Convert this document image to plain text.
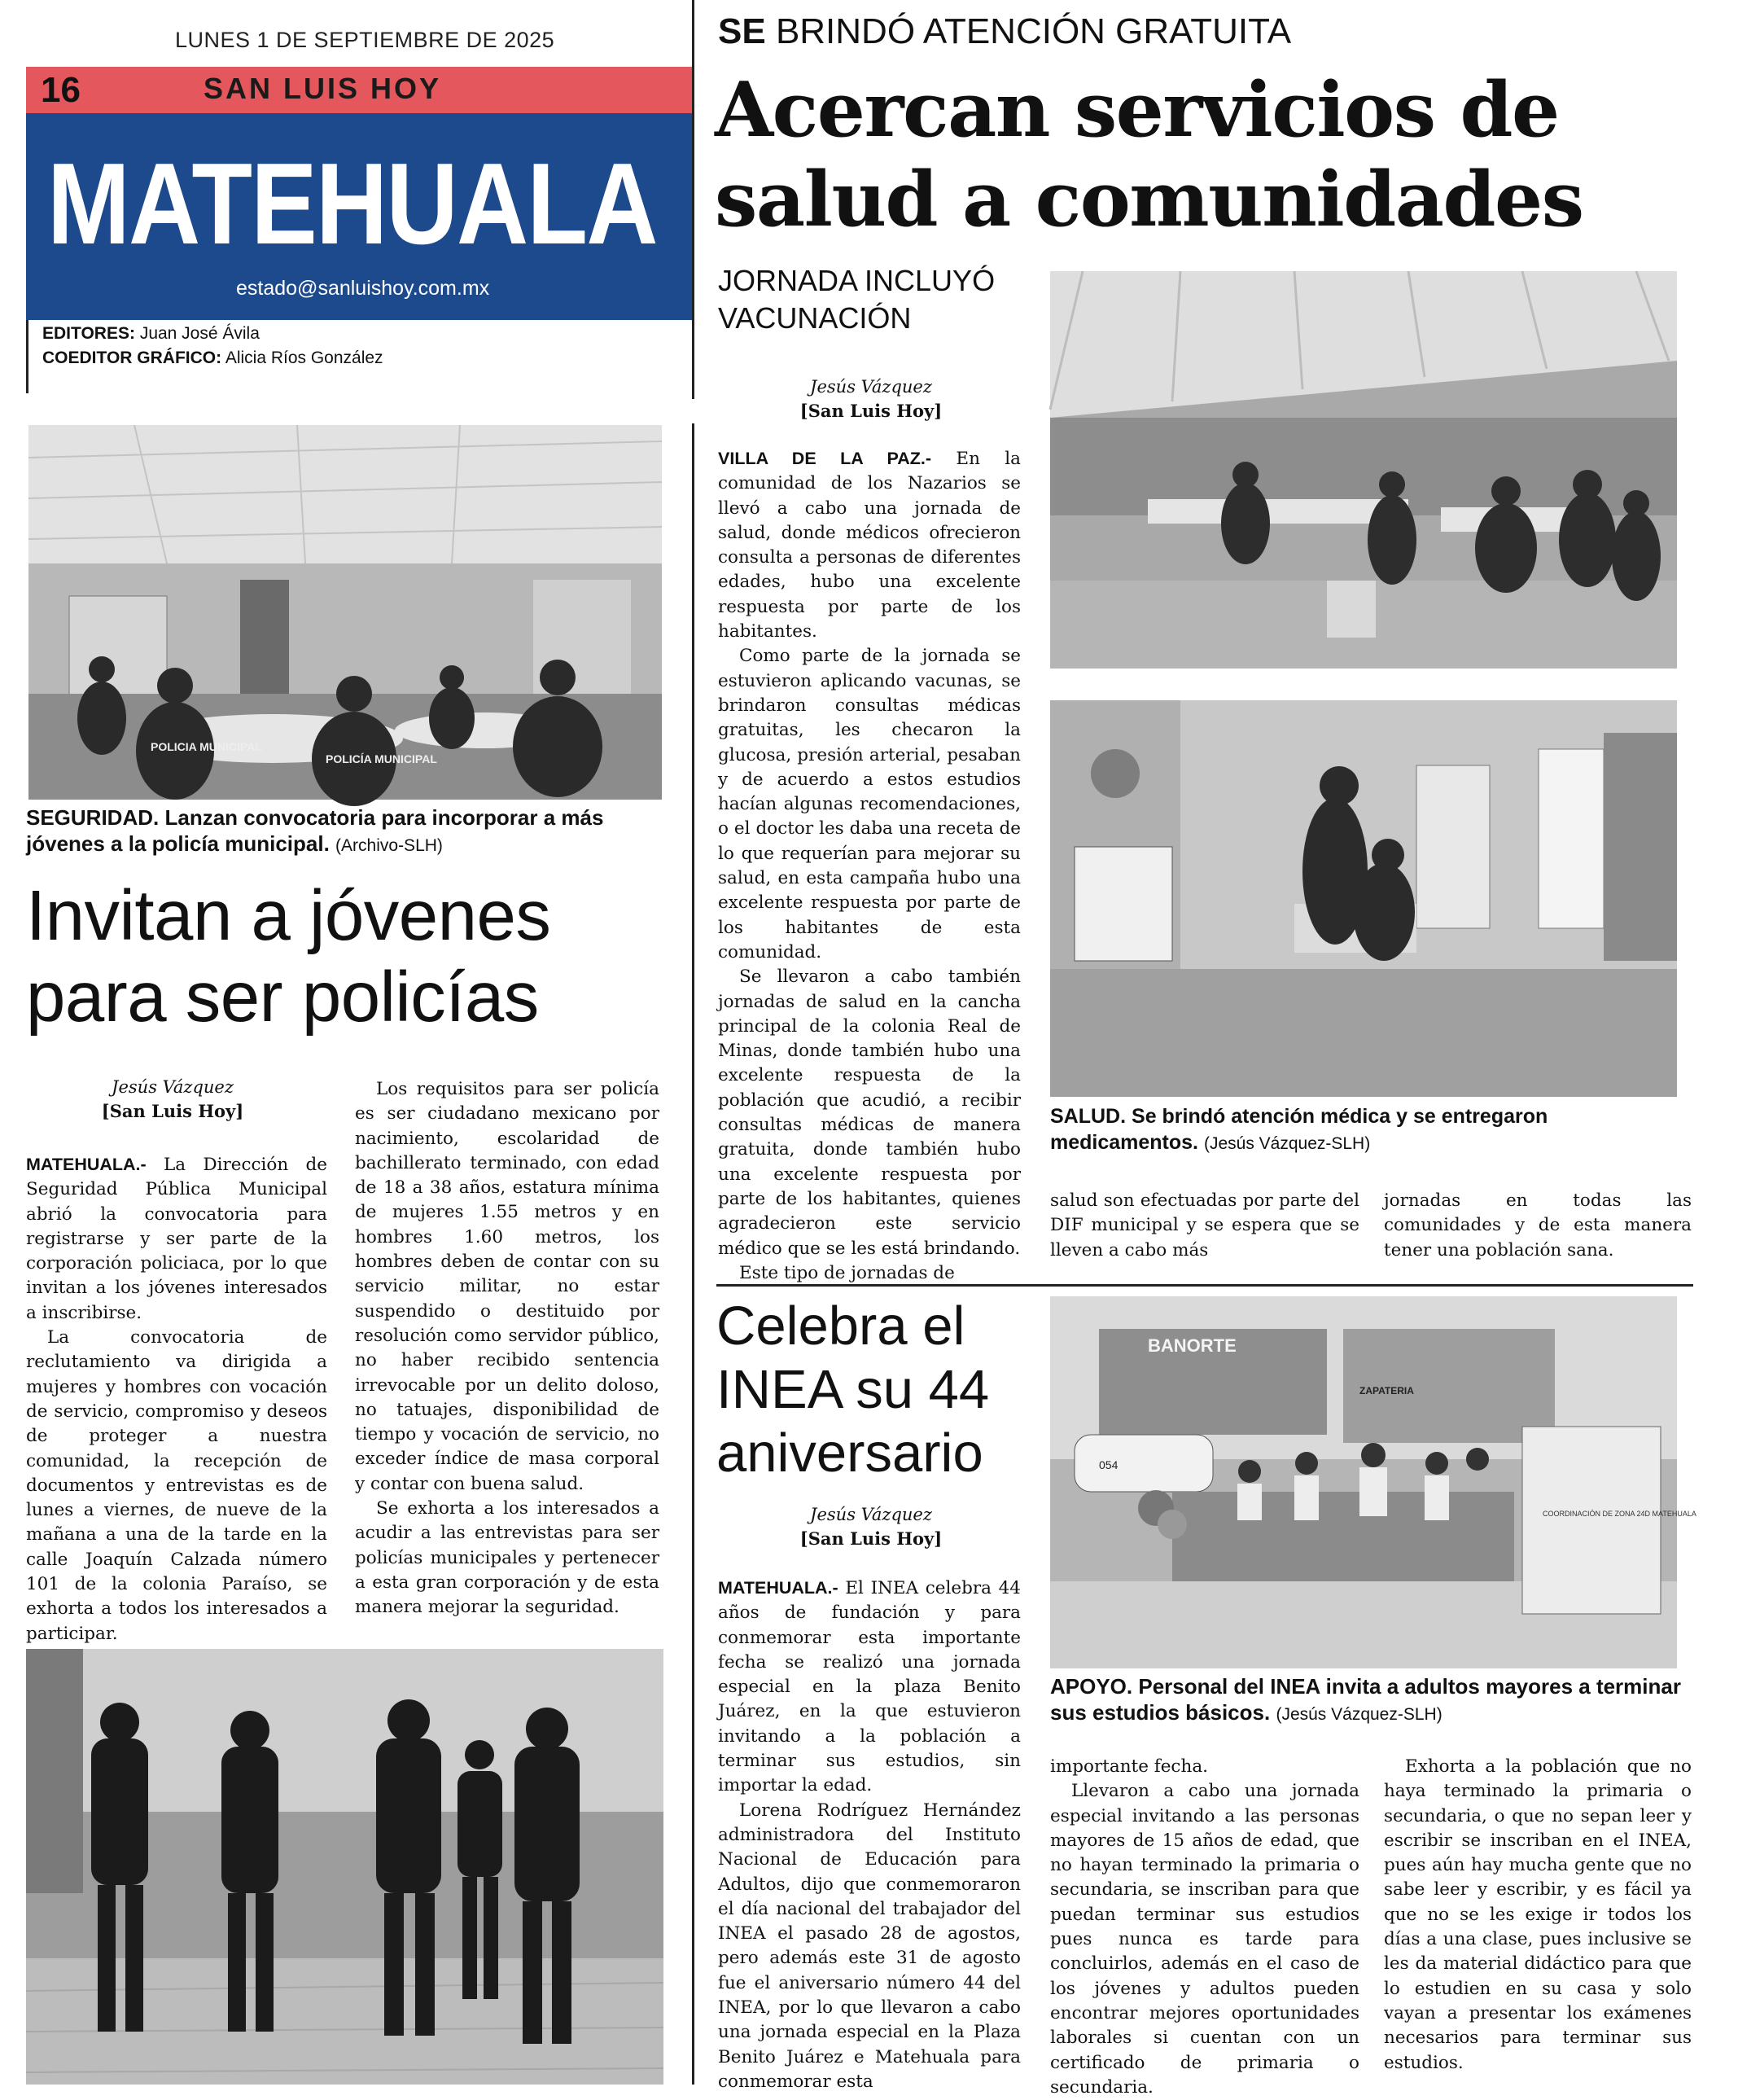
LUNES 1 DE SEPTIEMBRE DE 2025
16	SAN LUIS HOY
MATEHUALA
estado@sanluishoy.com.mx
EDITORES: Juan José Ávila
COEDITOR GRÁFICO: Alicia Ríos González
POLICIA MUNICIPAL
POLICÍA MUNICIPAL
SEGURIDAD. Lanzan convocatoria para incorporar a más jóvenes a la policía municipal. (Archivo-SLH)
Invitan a jóvenes
para ser policías
Jesús Vázquez
[San Luis Hoy]

MATEHUALA.- La Dirección de Seguridad Pública Municipal abrió la convocatoria para registrarse y ser parte de la corporación policiaca, por lo que invitan a los jóvenes interesados a inscribirse.

La convocatoria de reclutamiento va dirigida a mujeres y hombres con vocación de servicio, compromiso y deseos de proteger a nuestra comunidad, la recepción de documentos y entrevistas es de lunes a viernes, de nueve de la mañana a una de la tarde en la calle Joaquín Calzada número 101 de la colonia Paraíso, se exhorta a todos los interesados a participar.

Los requisitos para ser policía es ser ciudadano mexicano por nacimiento, escolaridad de bachillerato terminado, con edad de 18 a 38 años, estatura mínima de mujeres 1.55 metros y en hombres 1.60 metros, los hombres deben de contar con su servicio militar, no estar suspendido o destituido por resolución como servidor público, no haber recibido sentencia irrevocable por un delito doloso, no tatuajes, disponibilidad de tiempo y vocación de servicio, no exceder índice de masa corporal y contar con buena salud.

Se exhorta a los interesados a acudir a las entrevistas para ser policías municipales y pertenecer a esta gran corporación y de esta manera mejorar la seguridad.

SE BRINDÓ ATENCIÓN GRATUITA
Acercan servicios de
salud a comunidades
JORNADA INCLUYÓ
VACUNACIÓN
Jesús Vázquez
[San Luis Hoy]

VILLA DE LA PAZ.- En la comunidad de los Nazarios se llevó a cabo una jornada de salud, donde médicos ofrecieron consulta a personas de diferentes edades, hubo una excelente respuesta por parte de los habitantes.

Como parte de la jornada se estuvieron aplicando vacunas, se brindaron consultas médicas gratuitas, les checaron la glucosa, presión arterial, pesaban y de acuerdo a estos estudios hacían algunas recomendaciones, o el doctor les daba una receta de lo que requerían para mejorar su salud, en esta campaña hubo una excelente respuesta por parte de los habitantes de esta comunidad.

Se llevaron a cabo también jornadas de salud en la cancha principal de la colonia Real de Minas, donde también hubo una excelente respuesta de la población que acudió, a recibir consultas médicas de manera gratuita, donde también hubo una excelente respuesta por parte de los habitantes, quienes agradecieron este servicio médico que se les está brindando.

Este tipo de jornadas de

SALUD. Se brindó atención médica y se entregaron medicamentos. (Jesús Vázquez-SLH)

salud son efectuadas por parte del DIF municipal y se espera que se lleven a cabo más

jornadas en todas las comunidades y de esta manera tener una población sana.

Celebra el
INEA su 44
aniversario
Jesús Vázquez
[San Luis Hoy]

MATEHUALA.- El INEA celebra 44 años de fundación y para conmemorar esta importante fecha se realizó una jornada especial en la plaza Benito Juárez, en la que estuvieron invitando a la población a terminar sus estudios, sin importar la edad.

Lorena Rodríguez Hernández administradora del Instituto Nacional de Educación para Adultos, dijo que conmemoraron el día nacional del trabajador del INEA el pasado 28 de agostos, pero además este 31 de agosto fue el aniversario número 44 del INEA, por lo que llevaron a cabo una jornada especial en la Plaza Benito Juárez e Matehuala para conmemorar esta

BANORTE
ZAPATERIA
054
COORDINACIÓN DE ZONA 24D MATEHUALA
APOYO. Personal del INEA invita a adultos mayores a terminar sus estudios básicos. (Jesús Vázquez-SLH)

importante fecha.

Llevaron a cabo una jornada especial invitando a las personas mayores de 15 años de edad, que no hayan terminado la primaria o secundaria, se inscriban para que puedan terminar sus estudios pues nunca es tarde para concluirlos, además en el caso de los jóvenes y adultos pueden encontrar mejores oportunidades laborales si cuentan con un certificado de primaria o secundaria.

Exhorta a la población que no haya terminado la primaria o secundaria, o que no sepan leer y escribir se inscriban en el INEA, pues aún hay mucha gente que no sabe leer y escribir, y es fácil ya que no se les exige ir todos los días a una clase, pues inclusive se les da material didáctico para que lo estudien en su casa y solo vayan a presentar los exámenes necesarios para terminar sus estudios.
